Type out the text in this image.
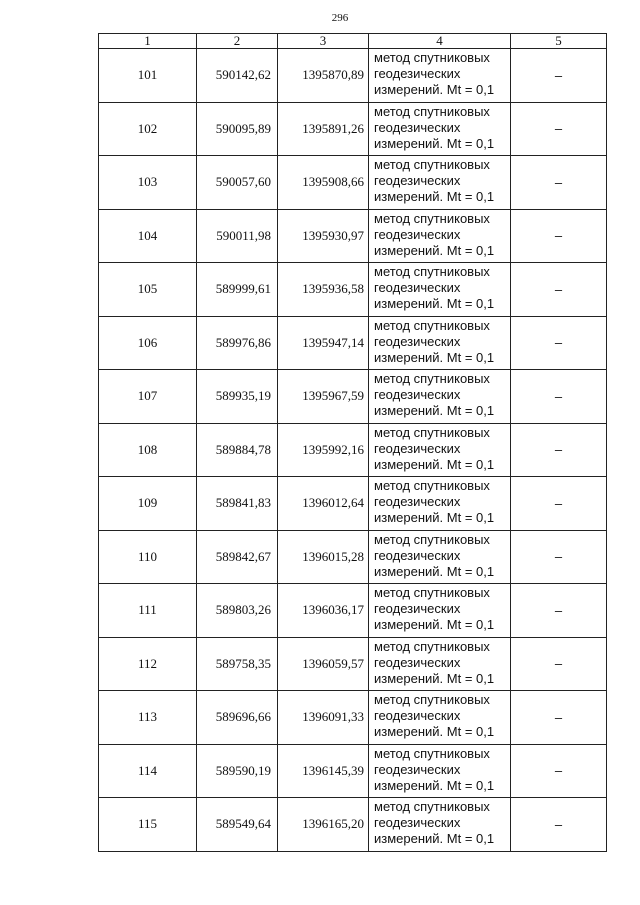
296
1	2	3	4	5
101	590142,62	1395870,89	метод спутниковых
геодезических
измерений. Mt = 0,1	–
102	590095,89	1395891,26	метод спутниковых
геодезических
измерений. Mt = 0,1	–
103	590057,60	1395908,66	метод спутниковых
геодезических
измерений. Mt = 0,1	–
104	590011,98	1395930,97	метод спутниковых
геодезических
измерений. Mt = 0,1	–
105	589999,61	1395936,58	метод спутниковых
геодезических
измерений. Mt = 0,1	–
106	589976,86	1395947,14	метод спутниковых
геодезических
измерений. Mt = 0,1	–
107	589935,19	1395967,59	метод спутниковых
геодезических
измерений. Mt = 0,1	–
108	589884,78	1395992,16	метод спутниковых
геодезических
измерений. Mt = 0,1	–
109	589841,83	1396012,64	метод спутниковых
геодезических
измерений. Mt = 0,1	–
110	589842,67	1396015,28	метод спутниковых
геодезических
измерений. Mt = 0,1	–
111	589803,26	1396036,17	метод спутниковых
геодезических
измерений. Mt = 0,1	–
112	589758,35	1396059,57	метод спутниковых
геодезических
измерений. Mt = 0,1	–
113	589696,66	1396091,33	метод спутниковых
геодезических
измерений. Mt = 0,1	–
114	589590,19	1396145,39	метод спутниковых
геодезических
измерений. Mt = 0,1	–
115	589549,64	1396165,20	метод спутниковых
геодезических
измерений. Mt = 0,1	–
